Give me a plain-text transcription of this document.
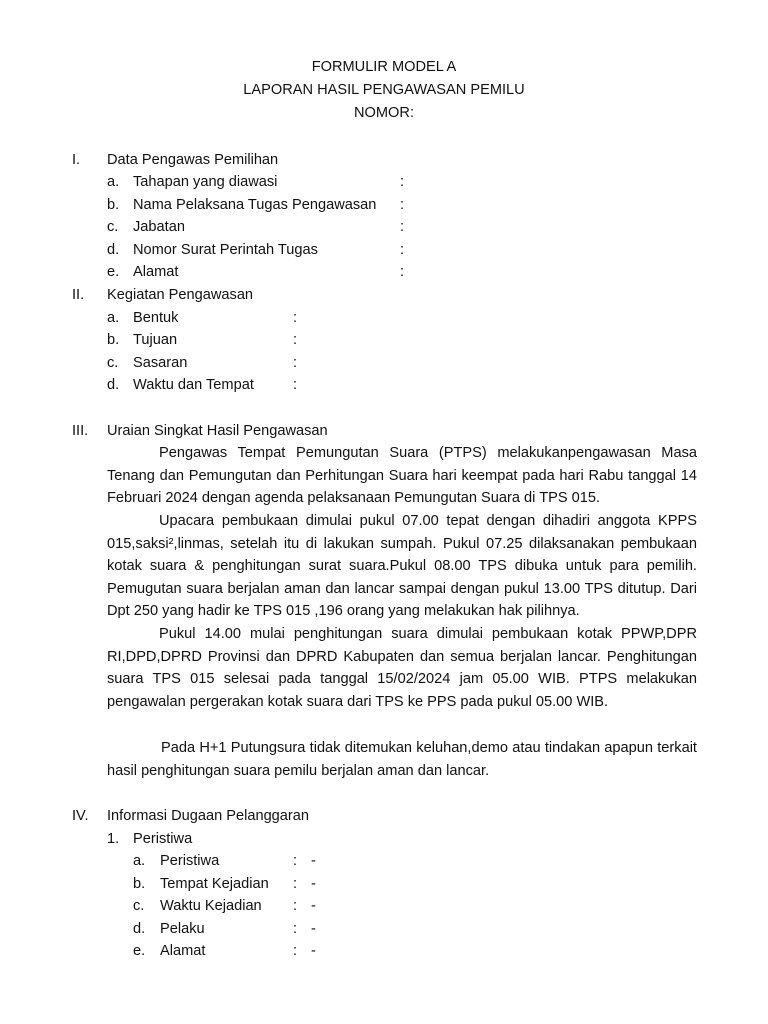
FORMULIR MODEL A
LAPORAN HASIL PENGAWASAN PEMILU
NOMOR:
I. Data Pengawas Pemilihan
a. Tahapan yang diawasi	:
b. Nama Pelaksana Tugas Pengawasan :
c. Jabatan	:
d. Nomor Surat Perintah Tugas	:
e. Alamat	:
II. Kegiatan Pengawasan
a. Bentuk	:
b. Tujuan	:
c. Sasaran	:
d. Waktu dan Tempat	:
III. Uraian Singkat Hasil Pengawasan
Pengawas Tempat Pemungutan Suara (PTPS) melakukanpengawasan Masa Tenang dan Pemungutan dan Perhitungan Suara hari keempat pada hari Rabu tanggal 14 Februari 2024 dengan agenda pelaksanaan Pemungutan Suara di TPS 015.
Upacara pembukaan dimulai pukul 07.00 tepat dengan dihadiri anggota KPPS 015,saksi²,linmas, setelah itu di lakukan sumpah. Pukul 07.25 dilaksanakan pembukaan kotak suara & penghitungan surat suara.Pukul 08.00 TPS dibuka untuk para pemilih. Pemugutan suara berjalan aman dan lancar sampai dengan pukul 13.00 TPS ditutup. Dari Dpt 250 yang hadir ke TPS 015 ,196 orang yang melakukan hak pilihnya.
Pukul 14.00 mulai penghitungan suara dimulai pembukaan kotak PPWP,DPR RI,DPD,DPRD Provinsi dan DPRD Kabupaten dan semua berjalan lancar. Penghitungan suara TPS 015 selesai pada tanggal 15/02/2024 jam 05.00 WIB. PTPS melakukan pengawalan pergerakan kotak suara dari TPS ke PPS pada pukul 05.00 WIB.
Pada H+1 Putungsura tidak ditemukan keluhan,demo atau tindakan apapun terkait hasil penghitungan suara pemilu berjalan aman dan lancar.
IV. Informasi Dugaan Pelanggaran
1. Peristiwa
a. Peristiwa	: -
b. Tempat Kejadian : -
c. Waktu Kejadian : -
d. Pelaku	: -
e. Alamat	: -
